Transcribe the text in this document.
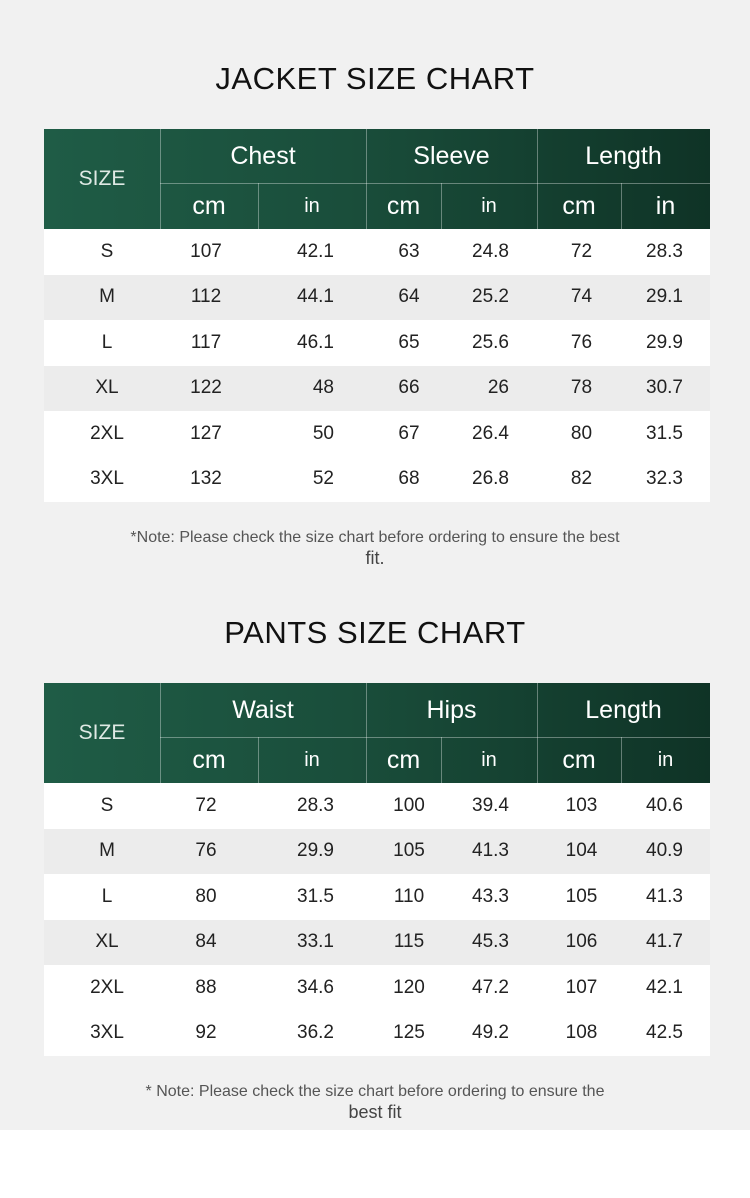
JACKET SIZE CHART
SIZE
Chest	Sleeve	Length
cm	in	cm	in	cm	in
S	107	42.1	63	24.8	72	28.3
M	112	44.1	64	25.2	74	29.1
L	117	46.1	65	25.6	76	29.9
XL	122	48	66	26	78	30.7
2XL	127	50	67	26.4	80	31.5
3XL	132	52	68	26.8	82	32.3
*Note: Please check the size chart before ordering to ensure the best
fit.
PANTS SIZE CHART
SIZE
Waist	Hips	Length
cm	in	cm	in	cm	in
S	72	28.3	100	39.4	103	40.6
M	76	29.9	105	41.3	104	40.9
L	80	31.5	110	43.3	105	41.3
XL	84	33.1	115	45.3	106	41.7
2XL	88	34.6	120	47.2	107	42.1
3XL	92	36.2	125	49.2	108	42.5
* Note: Please check the size chart before ordering to ensure the
best fit
